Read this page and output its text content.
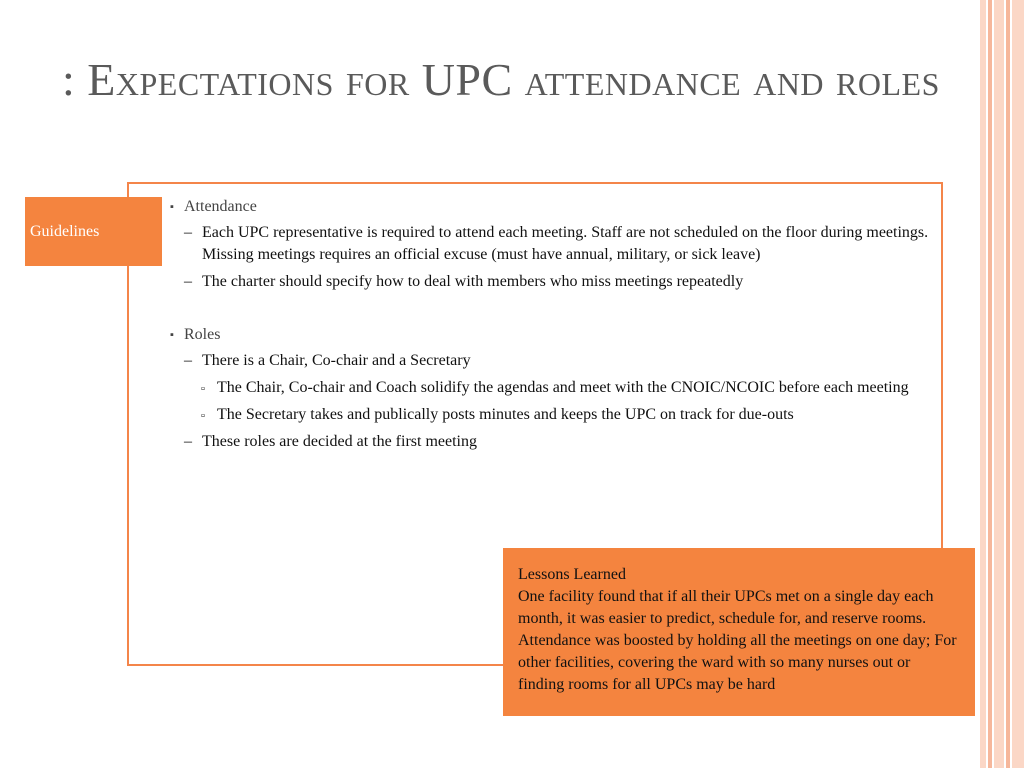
: Expectations for UPC attendance and roles
Guidelines
▪ Attendance
– Each UPC representative is required to attend each meeting. Staff are not scheduled on the floor during meetings. Missing meetings requires an official excuse (must have annual, military, or sick leave)
– The charter should specify how to deal with members who miss meetings repeatedly
▪ Roles
– There is a Chair, Co-chair and a Secretary
▫ The Chair, Co-chair and Coach solidify the agendas and meet with the CNOIC/NCOIC before each meeting
▫ The Secretary takes and publically posts minutes and keeps the UPC on track for due-outs
– These roles are decided at the first meeting
Lessons Learned
One facility found that if all their UPCs met on a single day each month, it was easier to predict, schedule for, and reserve rooms. Attendance was boosted by holding all the meetings on one day; For other facilities, covering the ward with so many nurses out or finding rooms for all UPCs may be hard
